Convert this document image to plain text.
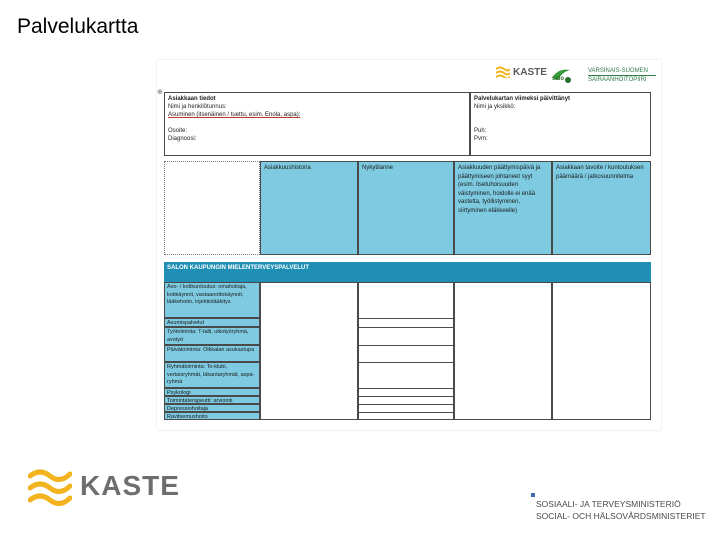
Palvelukartta
KASTE
salo
VARSINAIS-SUOMEN
SAIRAANHOITOPIIRI
⊕
Asiakkaan tiedot
Nimi ja henkilötunnus:
Asuminen (itsenäinen / tuettu, esim. Enola, aspa):
Osoite:
Diagnoosi:
Palvelukartan viimeksi päivittänyt
Nimi ja yksikkö:
Puh:
Pvm:
Asiakkuushistoria	Nykytilanne	Asiakkuuden päättymispäivä ja päättymiseen johtaneet syyt (esim. itsetuhoisuuden väistyminen, hoidolle ei enää vastetta, työllistyminen, siirtyminen eläkkeelle)
Asiakkaan tavoite / kuntoutuksen päämäärä / jatkosuunnitelma
SALON KAUPUNGIN MIELENTERVEYSPALVELUT
Avo- / kotikuntoutus: omahoitaja, kotikäynnit, vastaanottokäynnit, lääkehoito, injektiolääkitys
Asumispalvelut
Työtoiminta: T-talli, ulkotyöryhmä, avotyö
Päivätoiminta: Olkkalan asukastupa
Ryhmätoiminta: To-klubi, vertaisryhmät, läkantaryhmät, aspa-ryhmä
Psykologi
Toimintaterapeutti: arviointi
Depressiohoitaja
Ravitsemushoito
KASTE
SOSIAALI- JA TERVEYSMINISTERIÖ
SOCIAL- OCH HÄLSOVÅRDSMINISTERIET
